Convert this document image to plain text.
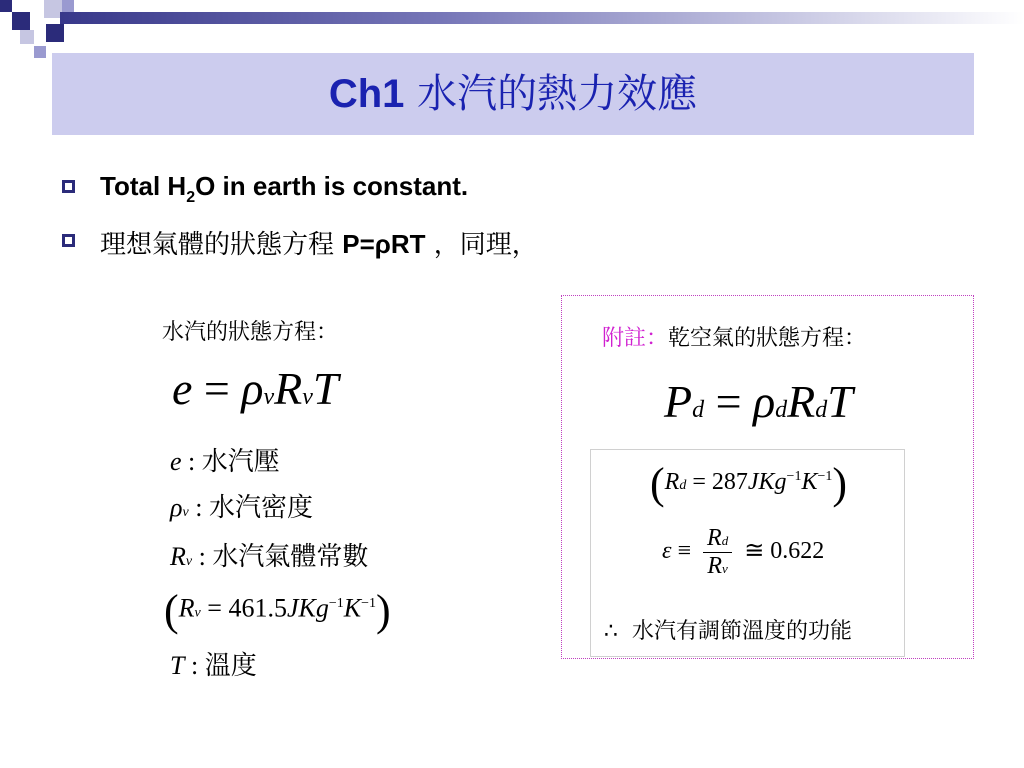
Ch1 水汽的熱力效應
Total $H_2O$ in earth is constant.
理想氣體的狀態方程 P=ρRT ，同理，
水汽的狀態方程：
e = ρvRvT
e : 水汽壓
ρv : 水汽密度
Rv : 水汽氣體常數
$(Rv = 461.5JKg^{-1}K^{-1})$
T : 溫度
附註：乾空氣的狀態方程：
Pd = ρdRdT
$(Rd = 287JKg^{-1}K^{-1})$
$\varepsilon \equiv \frac{Rd}{Rv}$ ≅ 0.622
∴ 水汽有調節溫度的功能
